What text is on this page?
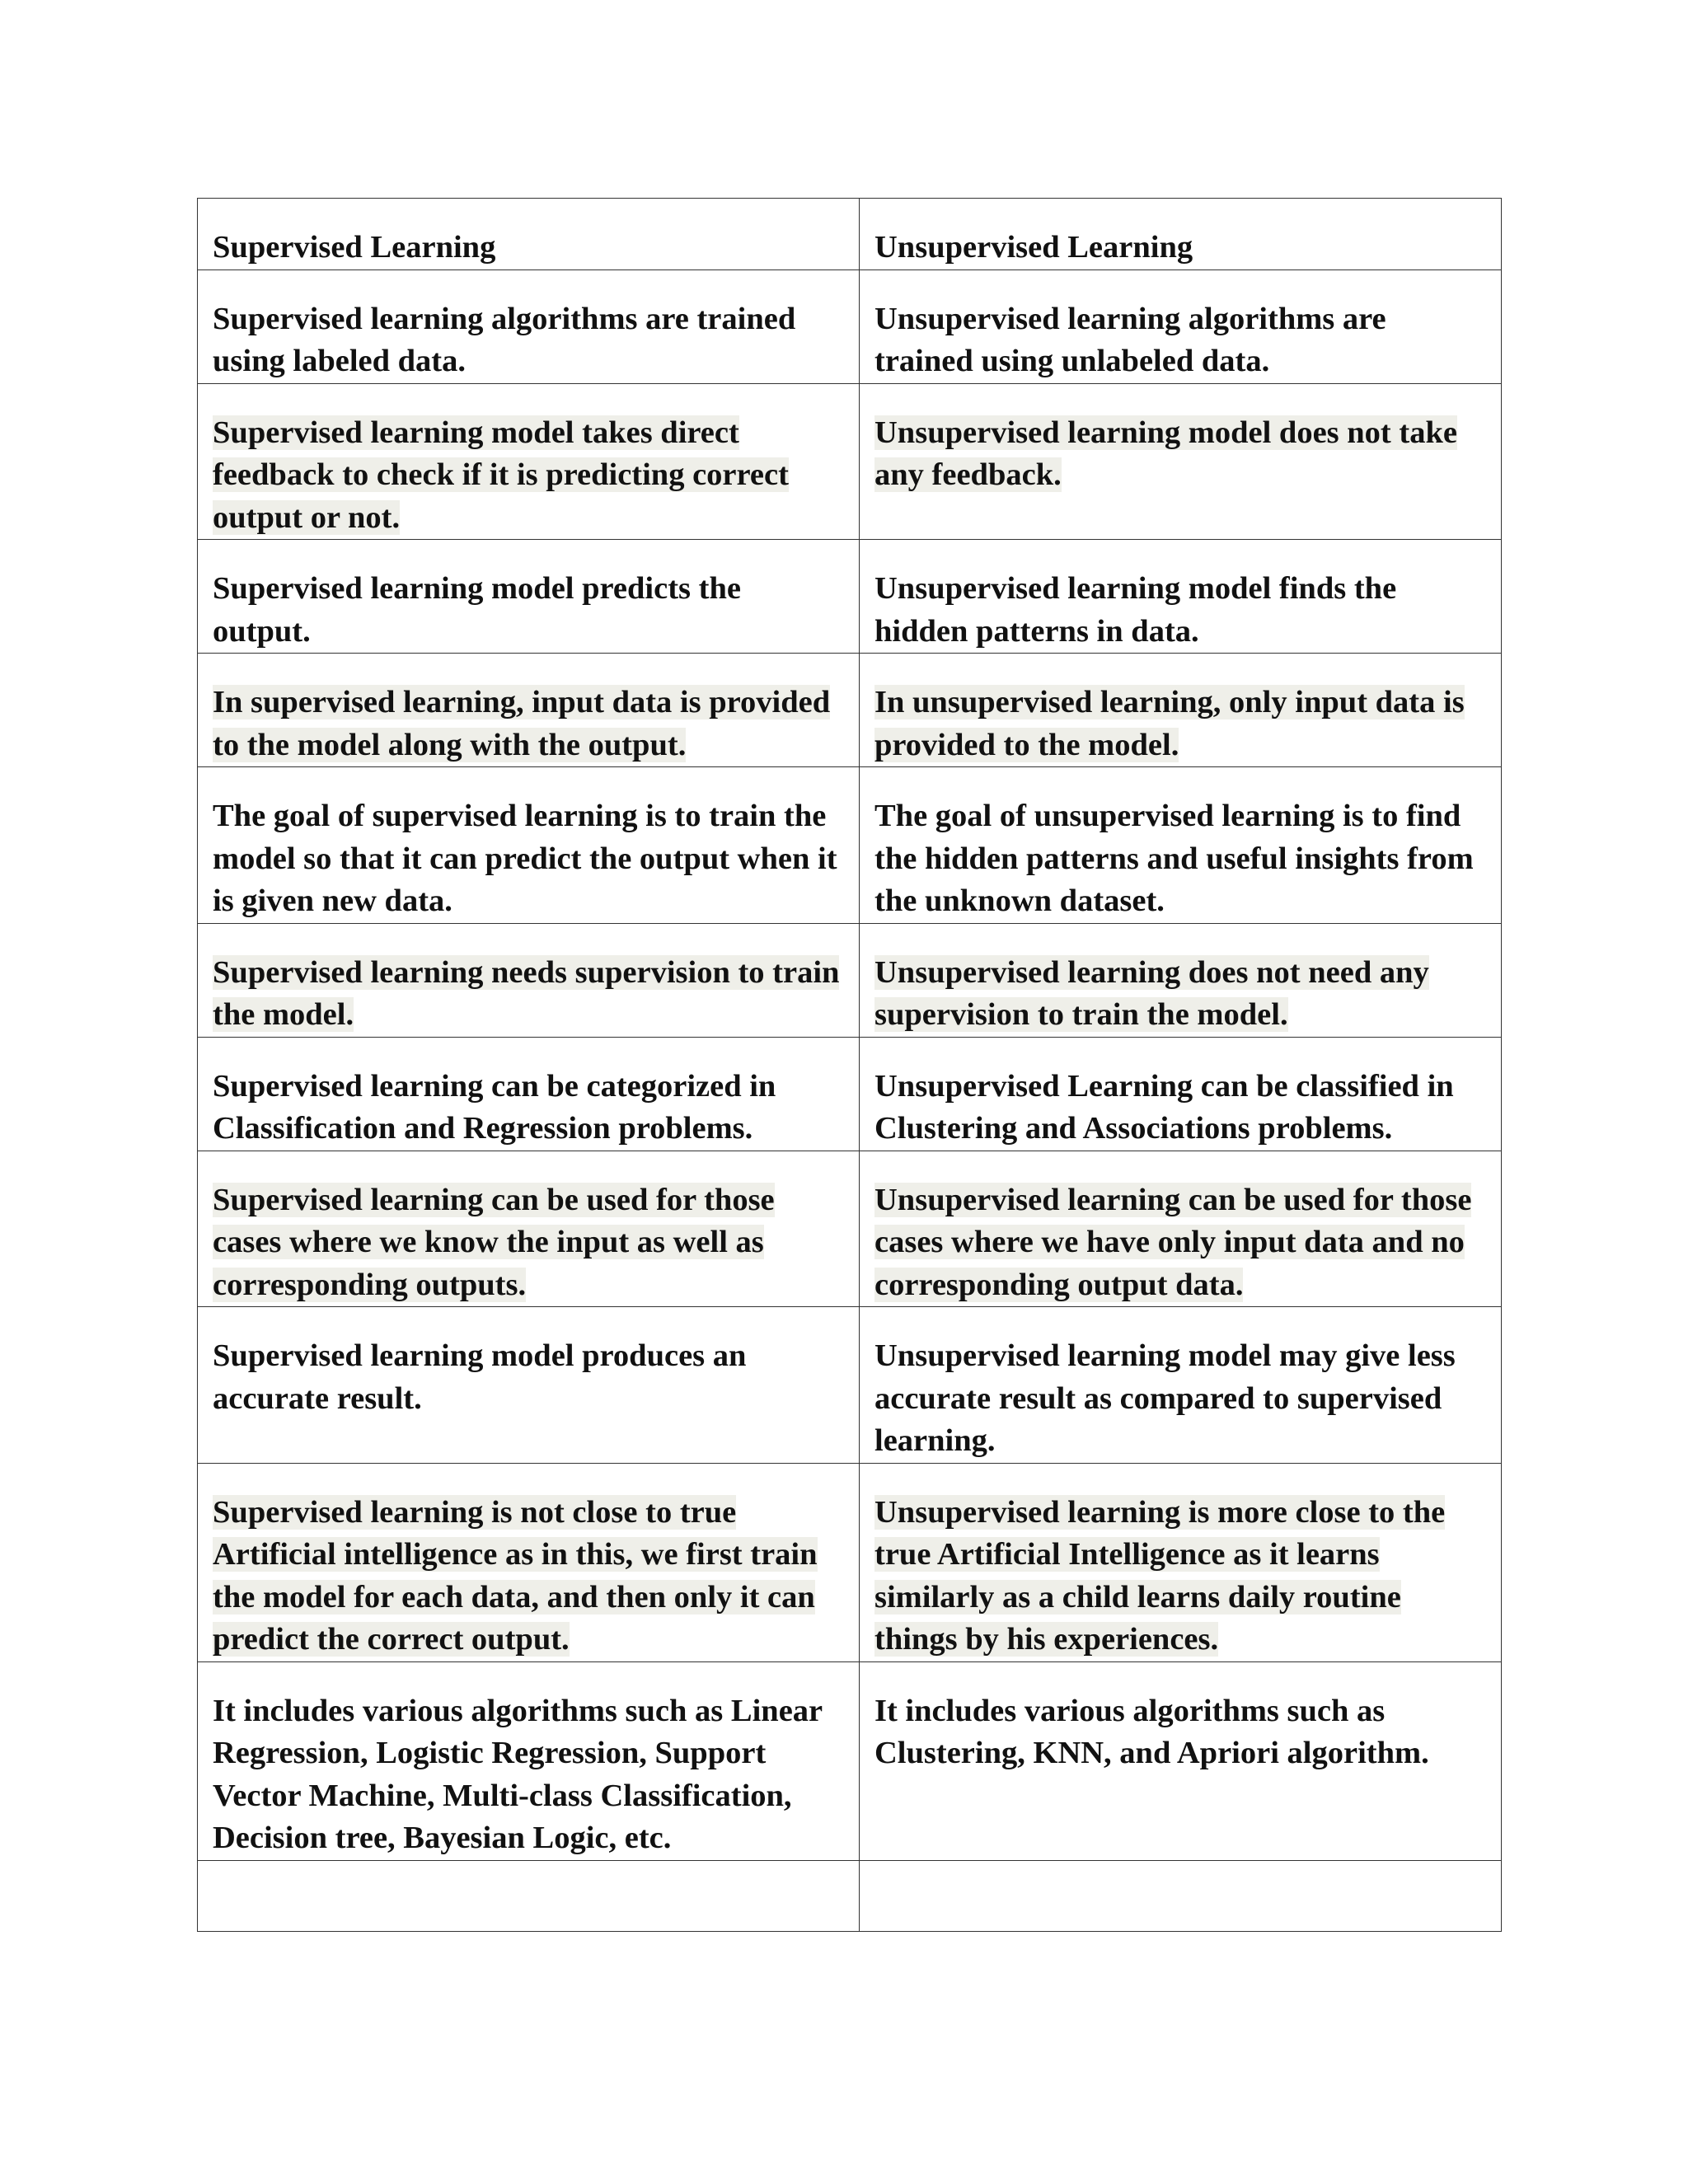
Supervised Learning	Unsupervised Learning
Supervised learning algorithms are trained using labeled data.	Unsupervised learning algorithms are trained using unlabeled data.
Supervised learning model takes direct feedback to check if it is predicting correct output or not.	Unsupervised learning model does not take any feedback.
Supervised learning model predicts the output.	Unsupervised learning model finds the hidden patterns in data.
In supervised learning, input data is provided to the model along with the output.	In unsupervised learning, only input data is provided to the model.
The goal of supervised learning is to train the model so that it can predict the output when it is given new data.	The goal of unsupervised learning is to find the hidden patterns and useful insights from the unknown dataset.
Supervised learning needs supervision to train the model.	Unsupervised learning does not need any supervision to train the model.
Supervised learning can be categorized in Classification and Regression problems.	Unsupervised Learning can be classified in Clustering and Associations problems.
Supervised learning can be used for those cases where we know the input as well as corresponding outputs.	Unsupervised learning can be used for those cases where we have only input data and no corresponding output data.
Supervised learning model produces an accurate result.	Unsupervised learning model may give less accurate result as compared to supervised learning.
Supervised learning is not close to true Artificial intelligence as in this, we first train the model for each data, and then only it can predict the correct output.	Unsupervised learning is more close to the true Artificial Intelligence as it learns similarly as a child learns daily routine things by his experiences.
It includes various algorithms such as Linear Regression, Logistic Regression, Support Vector Machine, Multi-class Classification, Decision tree, Bayesian Logic, etc.	It includes various algorithms such as Clustering, KNN, and Apriori algorithm.
